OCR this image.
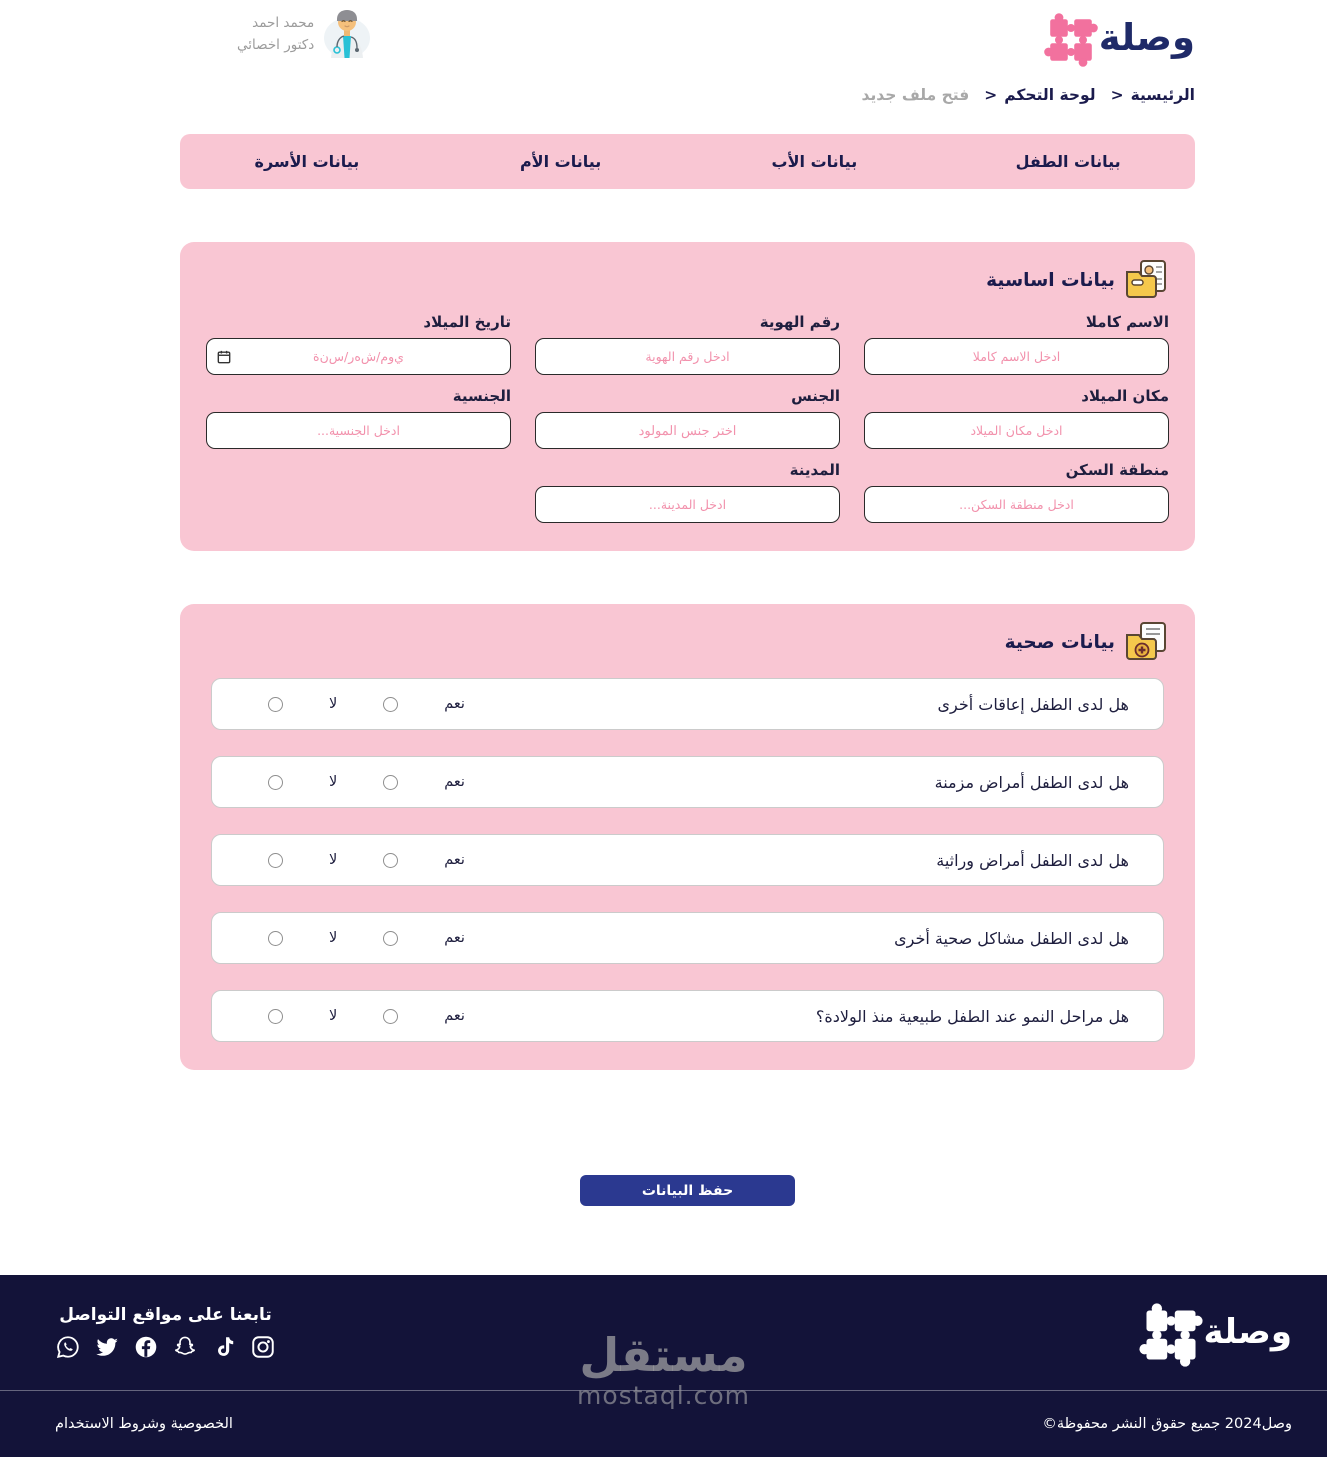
وصلة
الرئيسية
>
لوحة التحكم
>
فتح ملف جديد
محمد احمد
دكتور اخصائي
بيانات الطفل
بيانات الأب
بيانات الأم
بيانات الأسرة
بيانات اساسية
الاسم كاملا
ادخل الاسم كاملا
رقم الهوية
ادخل رقم الهوية
تاريخ الميلاد
ي‌و‌م/ش‌ه‌ر/س‌ن‌ة
مكان الميلاد
ادخل مكان الميلاد
الجنس
اختر جنس المولود
الجنسية
ادخل الجنسية...
منطقة السكن
ادخل منطقة السكن...
المدينة
ادخل المدينة...
بيانات صحية
هل لدى الطفل إعاقات أخرى
نعم
لا
هل لدى الطفل أمراض مزمنة
نعم
لا
هل لدى الطفل أمراض وراثية
نعم
لا
هل لدى الطفل مشاكل صحية أخرى
نعم
لا
هل مراحل النمو عند الطفل طبيعية منذ الولادة؟
نعم
لا
حفظ البيانات
وصلة
تابعنا على مواقع التواصل
وصل2024 جميع حقوق النشر محفوظة©
الخصوصية وشروط الاستخدام
مستقل
mostaql.com
